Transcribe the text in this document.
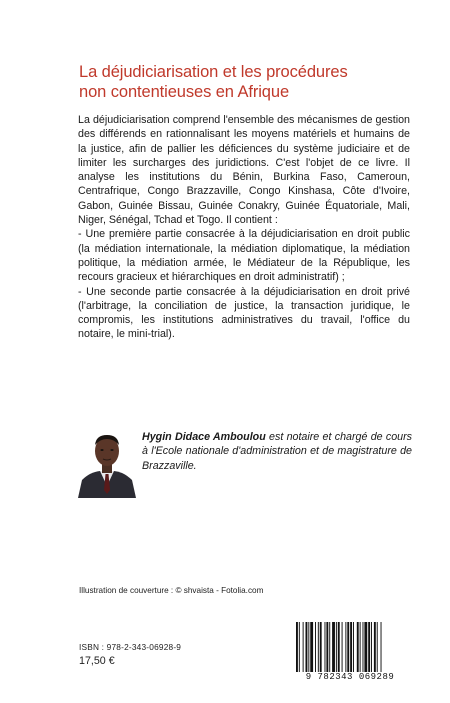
La déjudiciarisation et les procédures
non contentieuses en Afrique

La déjudiciarisation comprend l'ensemble des mécanismes de gestion des différends en rationnalisant les moyens matériels et humains de la justice, afin de pallier les déficiences du système judiciaire et de limiter les surcharges des juridictions. C'est l'objet de ce livre. Il analyse les institutions du Bénin, Burkina Faso, Cameroun, Centrafrique, Congo Brazzaville, Congo Kinshasa, Côte d'Ivoire, Gabon, Guinée Bissau, Guinée Conakry, Guinée Équatoriale, Mali, Niger, Sénégal, Tchad et Togo. Il contient :

- Une première partie consacrée à la déjudiciarisation en droit public (la médiation internationale, la médiation diplomatique, la médiation politique, la médiation armée, le Médiateur de la République, les recours gracieux et hiérarchiques en droit administratif) ;

- Une seconde partie consacrée à la déjudiciarisation en droit privé (l'arbitrage, la conciliation de justice, la transaction juridique, le compromis, les institutions administratives du travail, l'office du notaire, le mini-trial).

Hygin Didace Amboulou est notaire et chargé de cours à l'Ecole nationale d'administration et de magistrature de Brazzaville.
Illustration de couverture : © shvaista - Fotolia.com
ISBN : 978-2-343-06928-9
17,50 €
9 782343 069289
